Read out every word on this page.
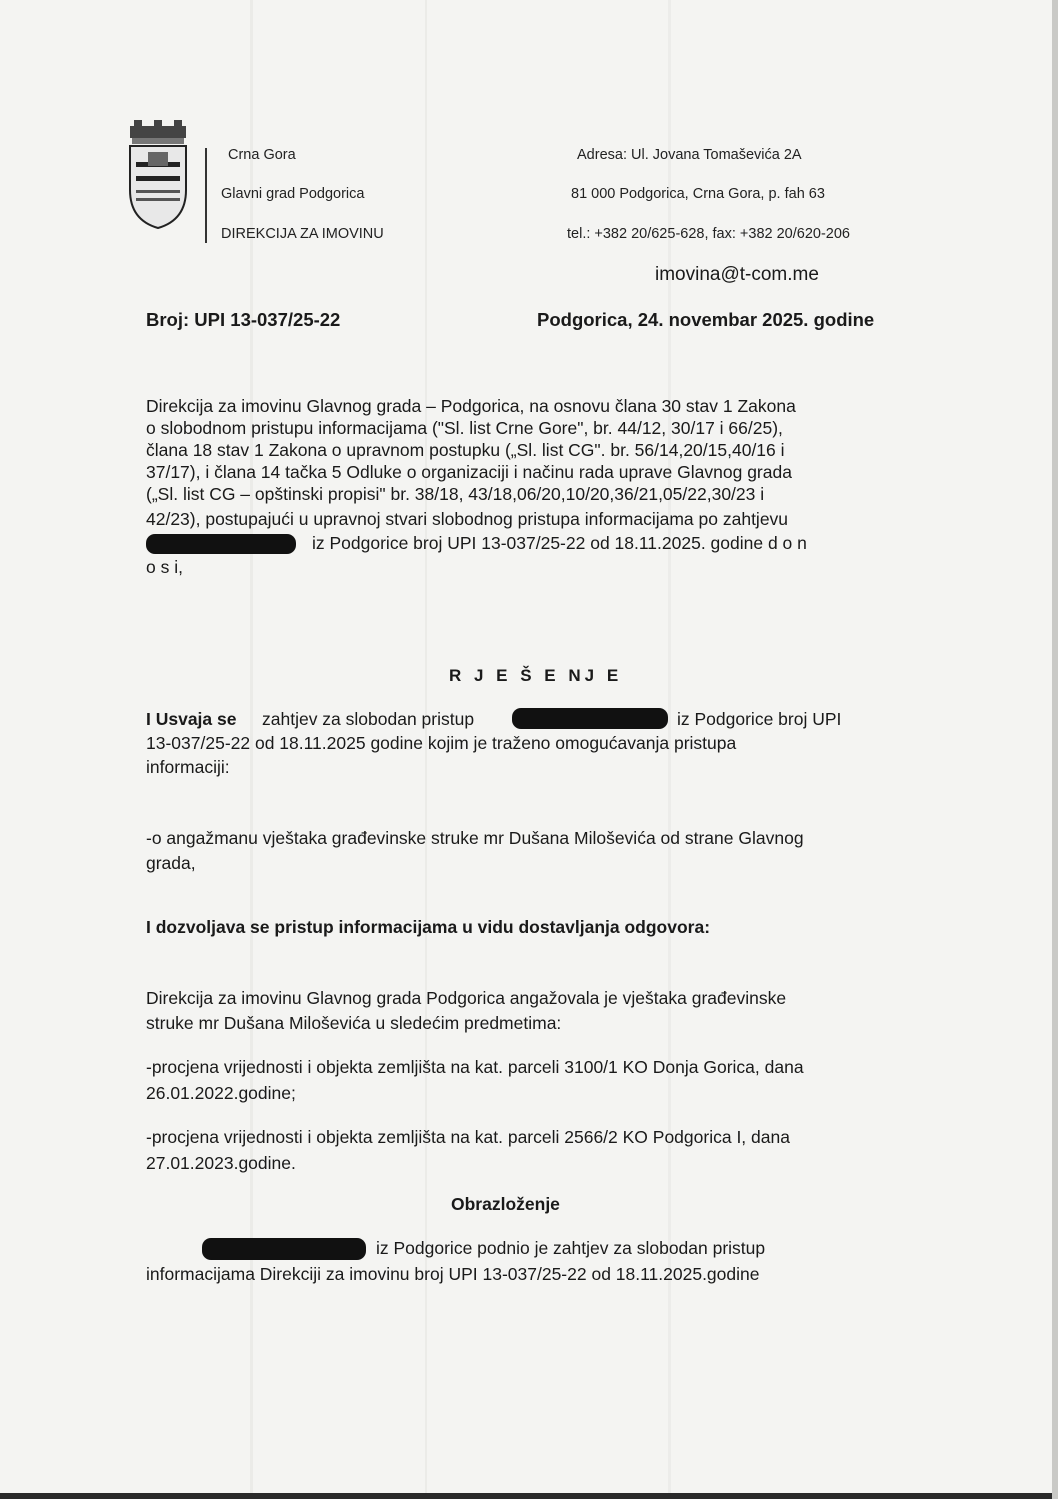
Crna Gora
Glavni grad Podgorica
DIREKCIJA ZA IMOVINU
Adresa: Ul. Jovana Tomaševića 2A
81 000 Podgorica, Crna Gora, p. fah 63
tel.: +382 20/625-628, fax: +382 20/620-206
imovina@t-com.me
Broj: UPI 13-037/25-22	Podgorica, 24. novembar 2025. godine
Direkcija za imovinu Glavnog grada – Podgorica, na osnovu člana 30 stav 1 Zakona
o slobodnom pristupu informacijama ("Sl. list Crne Gore", br. 44/12, 30/17 i 66/25),
člana 18 stav 1 Zakona o upravnom postupku („Sl. list CG". br. 56/14,20/15,40/16 i
37/17), i člana 14 tačka 5 Odluke o organizaciji i načinu rada uprave Glavnog grada
(„Sl. list CG – opštinski propisi" br. 38/18, 43/18,06/20,10/20,36/21,05/22,30/23 i
42/23), postupajući u upravnoj stvari slobodnog pristupa informacijama po zahtjevu
iz Podgorice broj UPI 13-037/25-22 od 18.11.2025. godine d o n
o s i,
R J E Š E NJ E
I Usvaja se zahtjev za slobodan pristup	iz Podgorice broj UPI
13-037/25-22 od 18.11.2025 godine kojim je traženo omogućavanja pristupa
informaciji:
-o angažmanu vještaka građevinske struke mr Dušana Miloševića od strane Glavnog
grada,
I dozvoljava se pristup informacijama u vidu dostavljanja odgovora:
Direkcija za imovinu Glavnog grada Podgorica angažovala je vještaka građevinske
struke mr Dušana Miloševića u sledećim predmetima:
-procjena vrijednosti i objekta zemljišta na kat. parceli 3100/1 KO Donja Gorica, dana
26.01.2022.godine;
-procjena vrijednosti i objekta zemljišta na kat. parceli 2566/2 KO Podgorica I, dana
27.01.2023.godine.
Obrazloženje
iz Podgorice podnio je zahtjev za slobodan pristup
informacijama Direkciji za imovinu broj UPI 13-037/25-22 od 18.11.2025.godine
